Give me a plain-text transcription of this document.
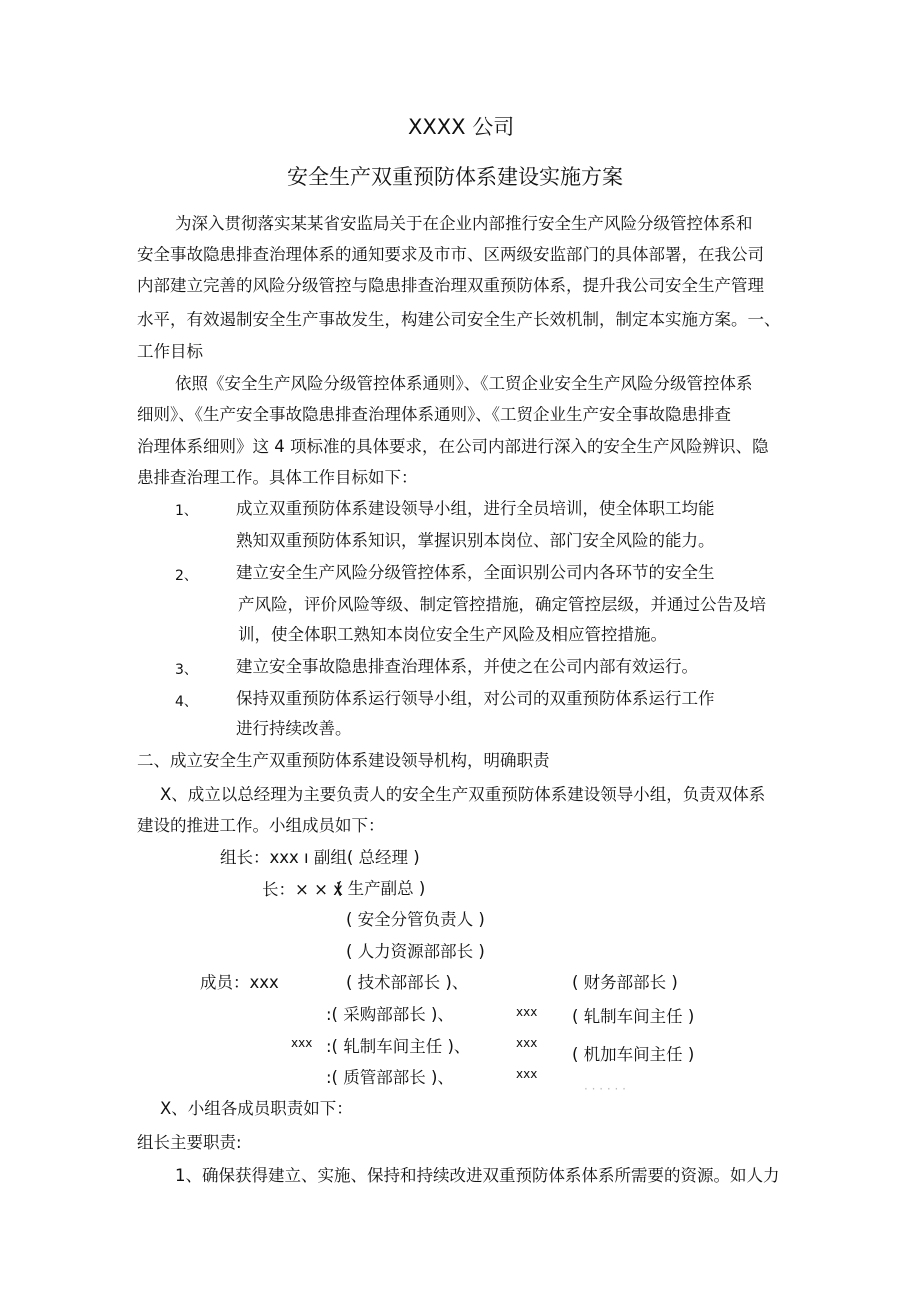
XXXX 公司
安全生产双重预防体系建设实施方案
为深入贯彻落实某某省安监局关于在企业内部推行安全生产风险分级管控体系和
安全事故隐患排查治理体系的通知要求及市市、区两级安监部门的具体部署，在我公司
内部建立完善的风险分级管控与隐患排查治理双重预防体系，提升我公司安全生产管理
水平，有效遏制安全生产事故发生，构建公司安全生产长效机制，制定本实施方案。一、
工作目标
依照《安全生产风险分级管控体系通则》、《工贸企业安全生产风险分级管控体系
细则》、《生产安全事故隐患排查治理体系通则》、《工贸企业生产安全事故隐患排查
治理体系细则》这 4 项标准的具体要求，在公司内部进行深入的安全生产风险辨识、隐
患排查治理工作。具体工作目标如下：
1、 成立双重预防体系建设领导小组，进行全员培训，使全体职工均能
熟知双重预防体系知识，掌握识别本岗位、部门安全风险的能力。
2、 建立安全生产风险分级管控体系，全面识别公司内各环节的安全生
产风险，评价风险等级、制定管控措施，确定管控层级，并通过公告及培
训，使全体职工熟知本岗位安全生产风险及相应管控措施。
3、 建立安全事故隐患排查治理体系，并使之在公司内部有效运行。
4、 保持双重预防体系运行领导小组，对公司的双重预防体系运行工作
进行持续改善。
二、成立安全生产双重预防体系建设领导机构，明确职责
X、成立以总经理为主要负责人的安全生产双重预防体系建设领导小组，负责双体系
建设的推进工作。小组成员如下：
组长：xxx ı 副组( 总经理 )
长：× × ẋ
( 生产副总 )
( 安全分管负责人 )
( 人力资源部部长 )
成员：xxx	( 技术部部长 )、
:( 采购部部长 )、
xxx :( 轧制车间主任 )、
:( 质管部部长 )、
xxx
xxx
xxx
( 财务部部长 )
( 轧制车间主任 )
( 机加车间主任 )
· · · · · ·
X、小组各成员职责如下：
组长主要职责:
1、确保获得建立、实施、保持和持续改进双重预防体系体系所需要的资源。如人力
